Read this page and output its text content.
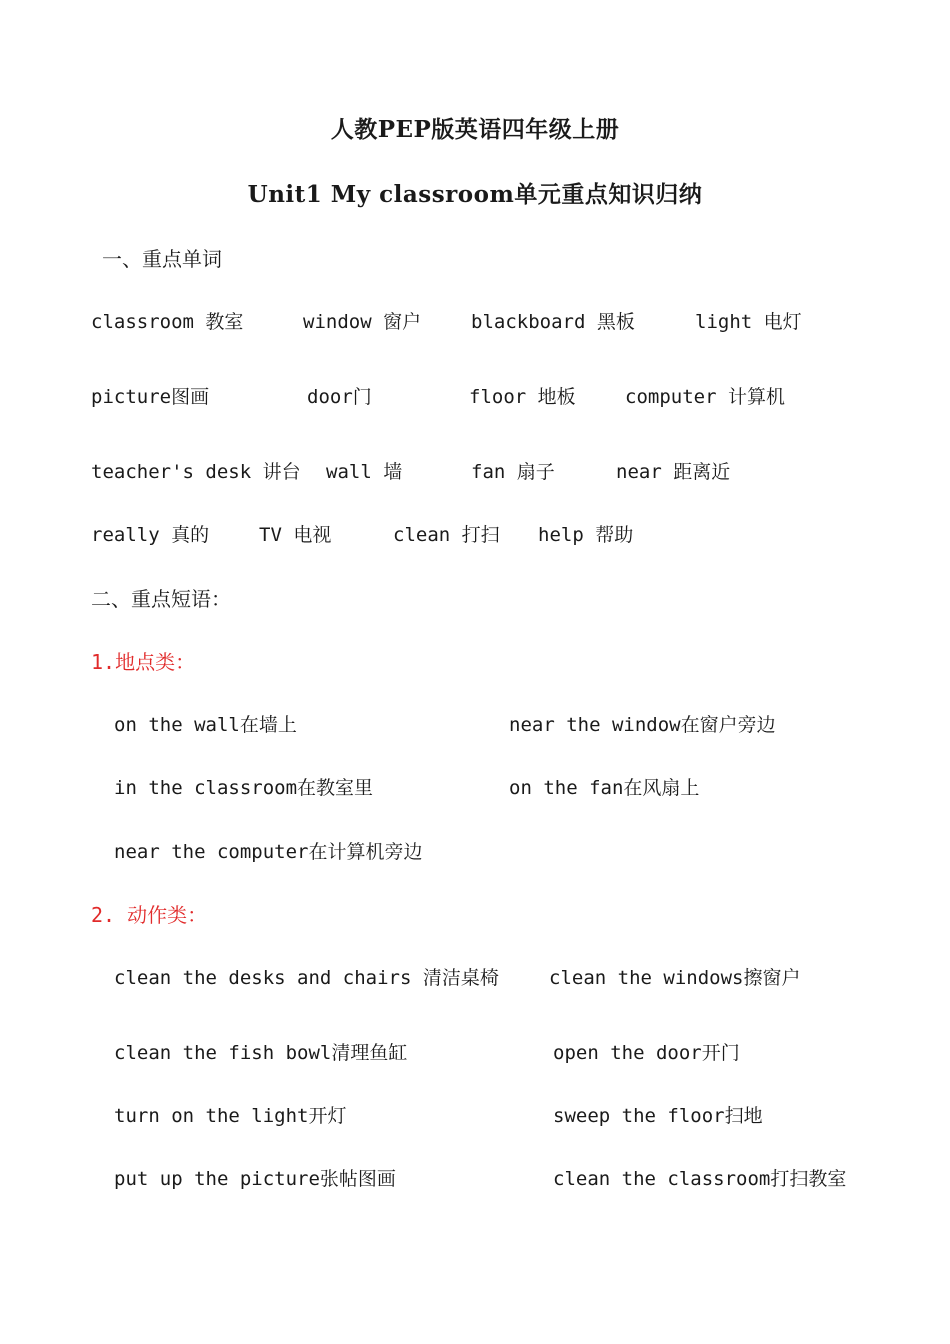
人教PEP版英语四年级上册
Unit1 My classroom单元重点知识归纳
一、重点单词
classroom 教室	window 窗户	blackboard 黑板	light 电灯
picture图画	door门	floor 地板	computer 计算机
teacher's desk 讲台 wall 墙	fan 扇子	near 距离近
really 真的	TV 电视	clean 打扫 help 帮助
二、重点短语：
1.地点类：
on the wall在墙上	near the window在窗户旁边
in the classroom在教室里	on the fan在风扇上
near the computer在计算机旁边
2. 动作类：
clean the desks and chairs 清洁桌椅	clean the windows擦窗户
clean the fish bowl清理鱼缸	open the door开门
turn on the light开灯	sweep the floor扫地
put up the picture张帖图画	clean the classroom打扫教室
